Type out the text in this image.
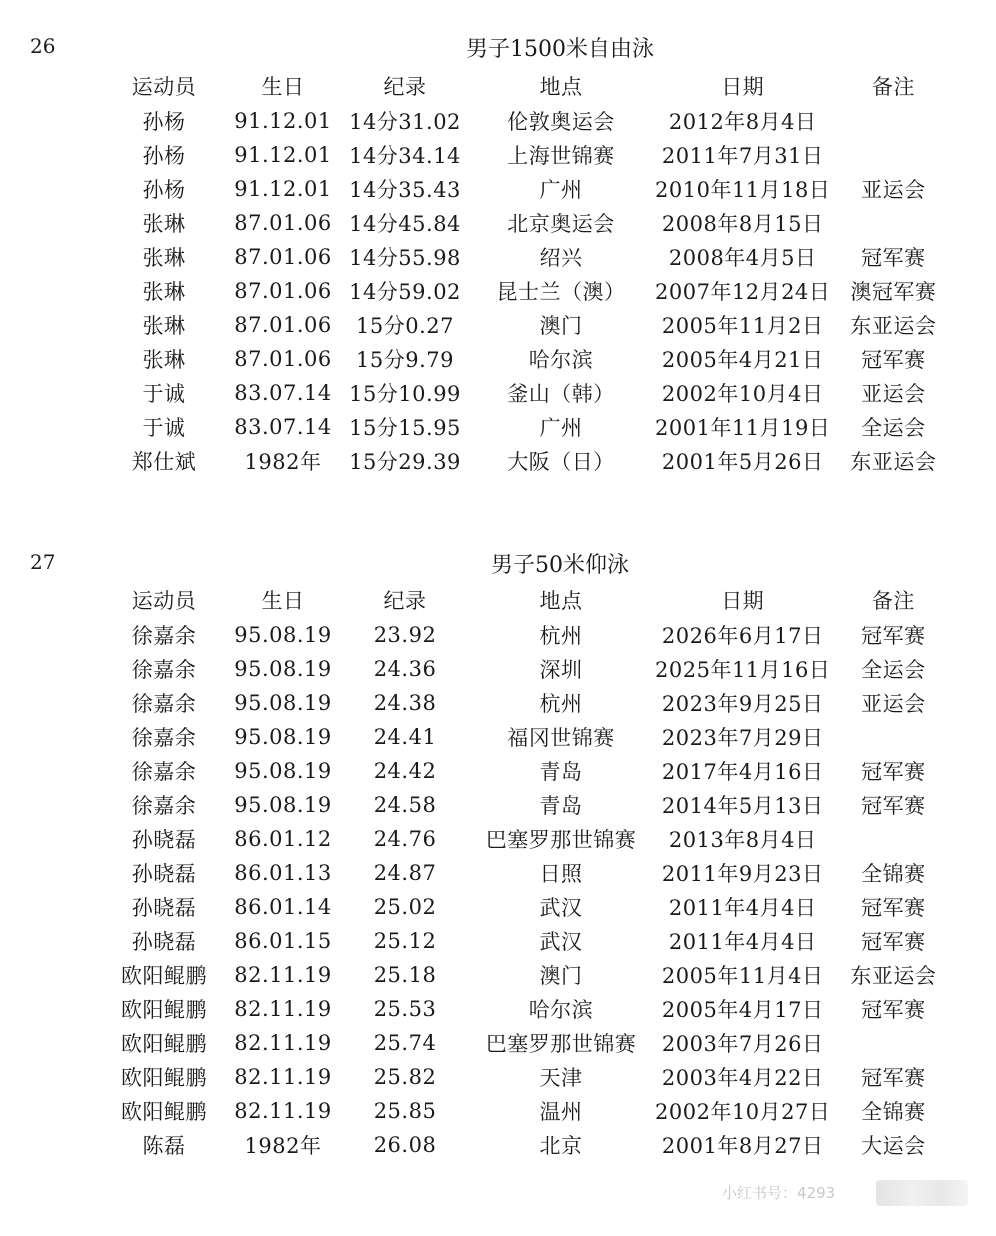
26	男子1500米自由泳
运动员	生日	纪录	地点	日期	备注
孙杨	91.12.01	14分31.02	伦敦奥运会	2012年8月4日	
孙杨	91.12.01	14分34.14	上海世锦赛	2011年7月31日	
孙杨	91.12.01	14分35.43	广州	2010年11月18日	亚运会
张琳	87.01.06	14分45.84	北京奥运会	2008年8月15日	
张琳	87.01.06	14分55.98	绍兴	2008年4月5日	冠军赛
张琳	87.01.06	14分59.02	昆士兰（澳）	2007年12月24日	澳冠军赛
张琳	87.01.06	15分0.27	澳门	2005年11月2日	东亚运会
张琳	87.01.06	15分9.79	哈尔滨	2005年4月21日	冠军赛
于诚	83.07.14	15分10.99	釜山（韩）	2002年10月4日	亚运会
于诚	83.07.14	15分15.95	广州	2001年11月19日	全运会
郑仕斌	1982年	15分29.39	大阪（日）	2001年5月26日	东亚运会
27	男子50米仰泳
运动员	生日	纪录	地点	日期	备注
徐嘉余	95.08.19	23.92	杭州	2026年6月17日	冠军赛
徐嘉余	95.08.19	24.36	深圳	2025年11月16日	全运会
徐嘉余	95.08.19	24.38	杭州	2023年9月25日	亚运会
徐嘉余	95.08.19	24.41	福冈世锦赛	2023年7月29日	
徐嘉余	95.08.19	24.42	青岛	2017年4月16日	冠军赛
徐嘉余	95.08.19	24.58	青岛	2014年5月13日	冠军赛
孙晓磊	86.01.12	24.76	巴塞罗那世锦赛	2013年8月4日	
孙晓磊	86.01.13	24.87	日照	2011年9月23日	全锦赛
孙晓磊	86.01.14	25.02	武汉	2011年4月4日	冠军赛
孙晓磊	86.01.15	25.12	武汉	2011年4月4日	冠军赛
欧阳鲲鹏	82.11.19	25.18	澳门	2005年11月4日	东亚运会
欧阳鲲鹏	82.11.19	25.53	哈尔滨	2005年4月17日	冠军赛
欧阳鲲鹏	82.11.19	25.74	巴塞罗那世锦赛	2003年7月26日	
欧阳鲲鹏	82.11.19	25.82	天津	2003年4月22日	冠军赛
欧阳鲲鹏	82.11.19	25.85	温州	2002年10月27日	全锦赛
陈磊	1982年	26.08	北京	2001年8月27日	大运会
小红书号：4293
